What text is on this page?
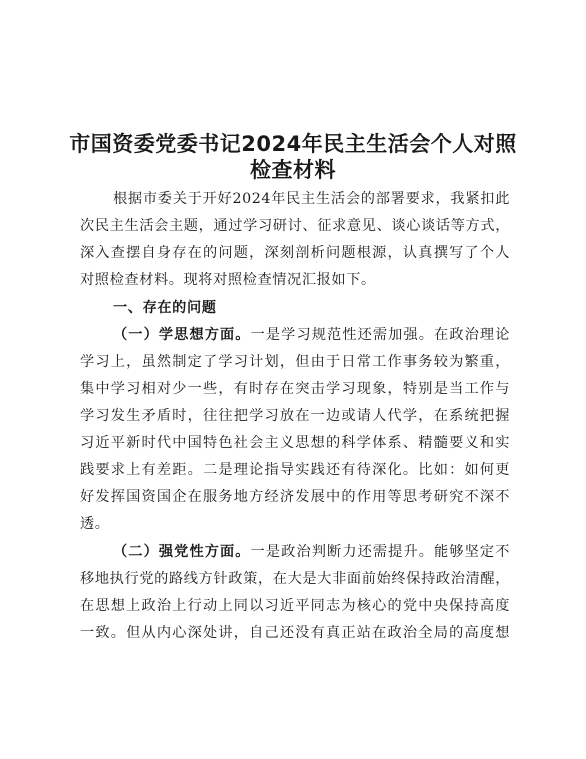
市国资委党委书记2024年民主生活会个人对照
检查材料
根据市委关于开好2024年民主生活会的部署要求，我紧扣此
次民主生活会主题，通过学习研讨、征求意见、谈心谈话等方式，
深入查摆自身存在的问题，深刻剖析问题根源，认真撰写了个人
对照检查材料。现将对照检查情况汇报如下。
一、存在的问题
（一）学思想方面。一是学习规范性还需加强。在政治理论
学习上，虽然制定了学习计划，但由于日常工作事务较为繁重，
集中学习相对少一些，有时存在突击学习现象，特别是当工作与
学习发生矛盾时，往往把学习放在一边或请人代学，在系统把握
习近平新时代中国特色社会主义思想的科学体系、精髓要义和实
践要求上有差距。二是理论指导实践还有待深化。比如：如何更
好发挥国资国企在服务地方经济发展中的作用等思考研究不深不
透。
（二）强党性方面。一是政治判断力还需提升。能够坚定不
移地执行党的路线方针政策，在大是大非面前始终保持政治清醒，
在思想上政治上行动上同以习近平同志为核心的党中央保持高度
一致。但从内心深处讲，自己还没有真正站在政治全局的高度想
